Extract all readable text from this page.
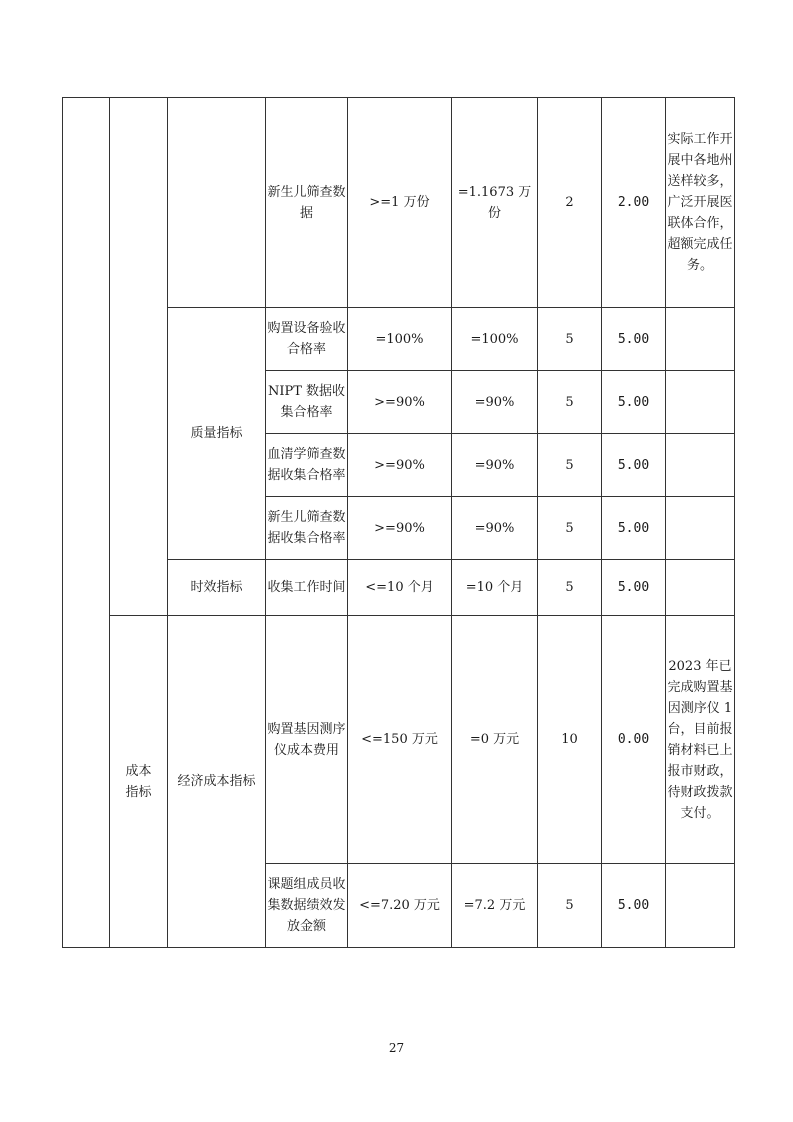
			新生儿筛查数据	>=1 万份	=1.1673 万份	2	2.00	实际工作开展中各地州送样较多，广泛开展医联体合作，超额完成任务。
		质量指标	购置设备验收合格率	=100%	=100%	5	5.00	
			NIPT 数据收集合格率	>=90%	=90%	5	5.00	
			血清学筛查数据收集合格率	>=90%	=90%	5	5.00	
			新生儿筛查数据收集合格率	>=90%	=90%	5	5.00	
		时效指标	收集工作时间	<=10 个月	=10 个月	5	5.00	
	成本指标	经济成本指标	购置基因测序仪成本费用	<=150 万元	=0 万元	10	0.00	2023 年已完成购置基因测序仪 1 台，目前报销材料已上报市财政，待财政拨款支付。
			课题组成员收集数据绩效发放金额	<=7.20 万元	=7.2 万元	5	5.00	
27
